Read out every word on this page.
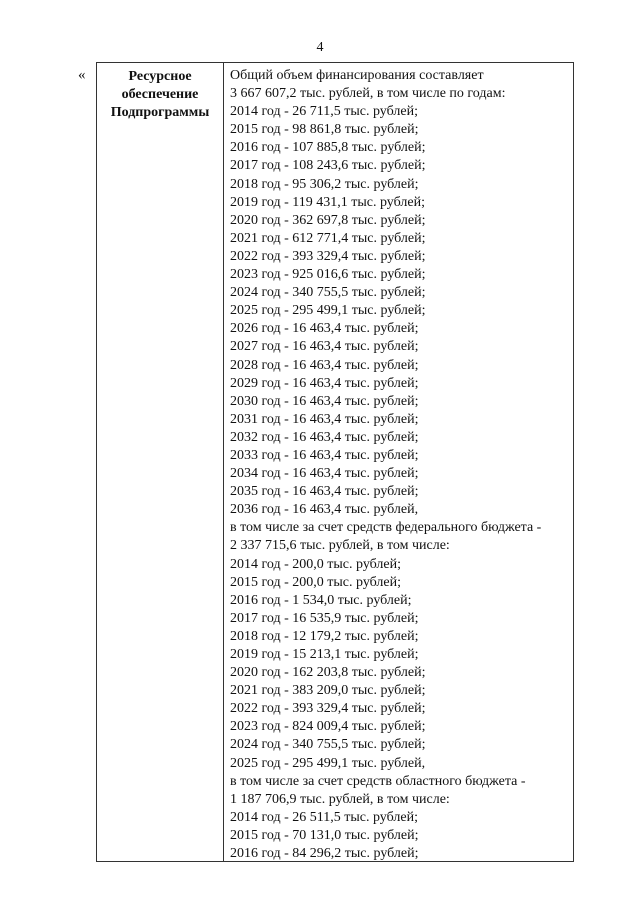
4
«	Ресурсное
обеспечение
Подпрограммы
Общий объем финансирования составляет
3 667 607,2 тыс. рублей, в том числе по годам:
2014 год - 26 711,5 тыс. рублей;
2015 год - 98 861,8 тыс. рублей;
2016 год - 107 885,8 тыс. рублей;
2017 год - 108 243,6 тыс. рублей;
2018 год - 95 306,2 тыс. рублей;
2019 год - 119 431,1 тыс. рублей;
2020 год - 362 697,8 тыс. рублей;
2021 год - 612 771,4 тыс. рублей;
2022 год - 393 329,4 тыс. рублей;
2023 год - 925 016,6 тыс. рублей;
2024 год - 340 755,5 тыс. рублей;
2025 год - 295 499,1 тыс. рублей;
2026 год - 16 463,4 тыс. рублей;
2027 год - 16 463,4 тыс. рублей;
2028 год - 16 463,4 тыс. рублей;
2029 год - 16 463,4 тыс. рублей;
2030 год - 16 463,4 тыс. рублей;
2031 год - 16 463,4 тыс. рублей;
2032 год - 16 463,4 тыс. рублей;
2033 год - 16 463,4 тыс. рублей;
2034 год - 16 463,4 тыс. рублей;
2035 год - 16 463,4 тыс. рублей;
2036 год - 16 463,4 тыс. рублей,
в том числе за счет средств федерального бюджета -
2 337 715,6 тыс. рублей, в том числе:
2014 год - 200,0 тыс. рублей;
2015 год - 200,0 тыс. рублей;
2016 год - 1 534,0 тыс. рублей;
2017 год - 16 535,9 тыс. рублей;
2018 год - 12 179,2 тыс. рублей;
2019 год - 15 213,1 тыс. рублей;
2020 год - 162 203,8 тыс. рублей;
2021 год - 383 209,0 тыс. рублей;
2022 год - 393 329,4 тыс. рублей;
2023 год - 824 009,4 тыс. рублей;
2024 год - 340 755,5 тыс. рублей;
2025 год - 295 499,1 тыс. рублей,
в том числе за счет средств областного бюджета -
1 187 706,9 тыс. рублей, в том числе:
2014 год - 26 511,5 тыс. рублей;
2015 год - 70 131,0 тыс. рублей;
2016 год - 84 296,2 тыс. рублей;
